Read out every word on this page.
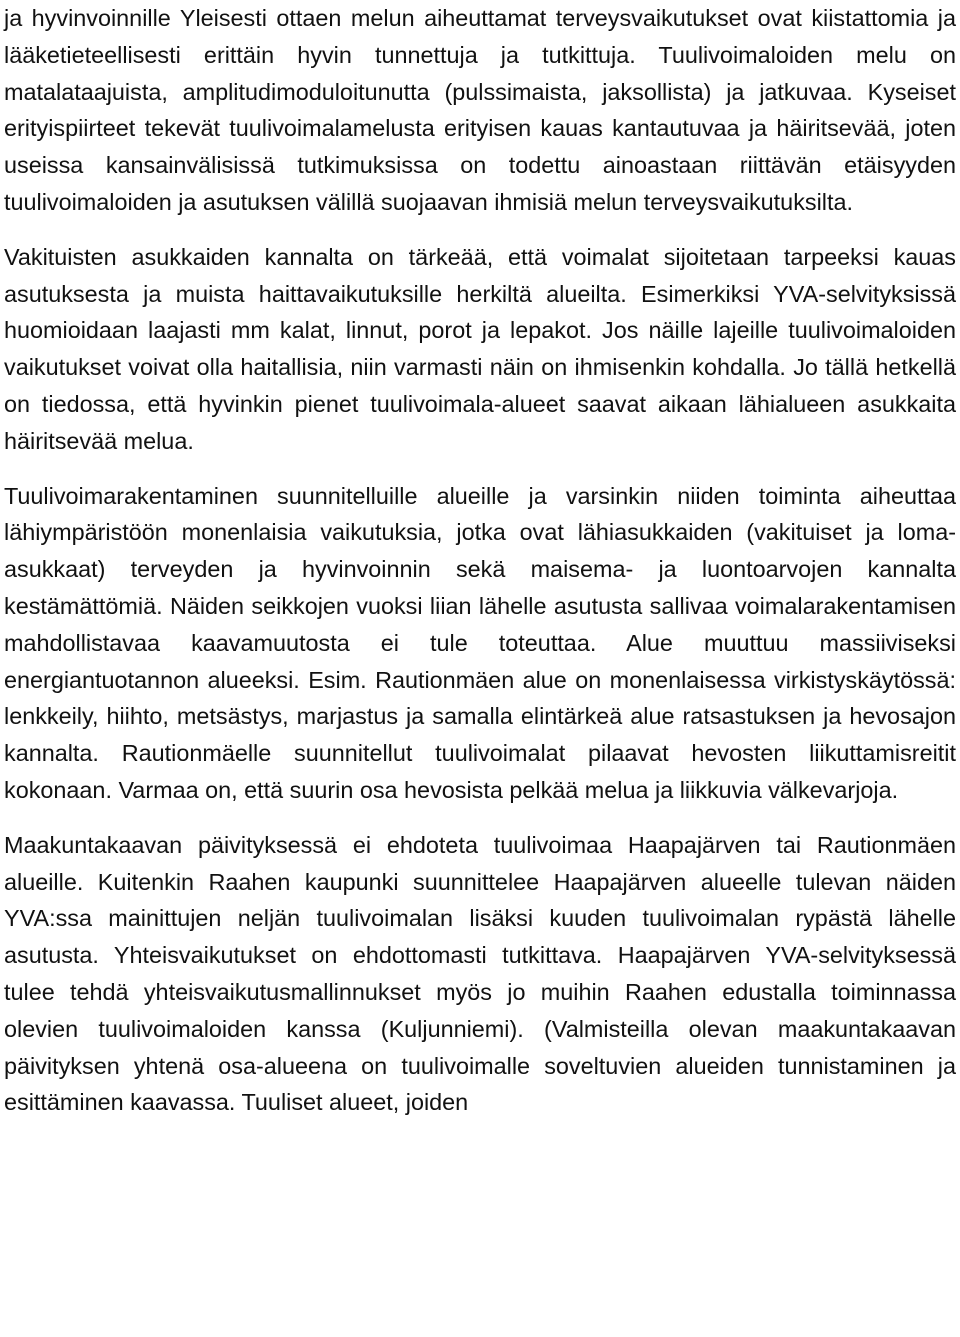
ja hyvinvoinnille Yleisesti ottaen melun aiheuttamat terveysvaikutukset ovat kiistattomia ja lääketieteellisesti erittäin hyvin tunnettuja ja tutkittuja. Tuulivoimaloiden melu on matalataajuista, amplitudimoduloitunutta (pulssimaista, jaksollista) ja jatkuvaa. Kyseiset erityispiirteet tekevät tuulivoimalamelusta erityisen kauas kantautuvaa ja häiritsevää, joten useissa kansainvälisissä tutkimuksissa on todettu ainoastaan riittävän etäisyyden tuulivoimaloiden ja asutuksen välillä suojaavan ihmisiä melun terveysvaikutuksilta.

Vakituisten asukkaiden kannalta on tärkeää, että voimalat sijoitetaan tarpeeksi kauas asutuksesta ja muista haittavaikutuksille herkiltä alueilta. Esimerkiksi YVA-selvityksissä huomioidaan laajasti mm kalat, linnut, porot ja lepakot. Jos näille lajeille tuulivoimaloiden vaikutukset voivat olla haitallisia, niin varmasti näin on ihmisenkin kohdalla. Jo tällä hetkellä on tiedossa, että hyvinkin pienet tuulivoimala-alueet saavat aikaan lähialueen asukkaita häiritsevää melua.

Tuulivoimarakentaminen suunnitelluille alueille ja varsinkin niiden toiminta aiheuttaa lähiympäristöön monenlaisia vaikutuksia, jotka ovat lähiasukkaiden (vakituiset ja loma-asukkaat) terveyden ja hyvinvoinnin sekä maisema- ja luontoarvojen kannalta kestämättömiä. Näiden seikkojen vuoksi liian lähelle asutusta sallivaa voimalarakentamisen mahdollistavaa kaavamuutosta ei tule toteuttaa. Alue muuttuu massiiviseksi energiantuotannon alueeksi. Esim. Rautionmäen alue on monenlaisessa virkistyskäytössä: lenkkeily, hiihto, metsästys, marjastus ja samalla elintärkeä alue ratsastuksen ja hevosajon kannalta. Rautionmäelle suunnitellut tuulivoimalat pilaavat hevosten liikuttamisreitit kokonaan. Varmaa on, että suurin osa hevosista pelkää melua ja liikkuvia välkevarjoja.

Maakuntakaavan päivityksessä ei ehdoteta tuulivoimaa Haapajärven tai Rautionmäen alueille. Kuitenkin Raahen kaupunki suunnittelee Haapajärven alueelle tulevan näiden YVA:ssa mainittujen neljän tuulivoimalan lisäksi kuuden tuulivoimalan rypästä lähelle asutusta. Yhteisvaikutukset on ehdottomasti tutkittava. Haapajärven YVA-selvityksessä tulee tehdä yhteisvaikutusmallinnukset myös jo muihin Raahen edustalla toiminnassa olevien tuulivoimaloiden kanssa (Kuljunniemi). (Valmisteilla olevan maakuntakaavan päivityksen yhtenä osa-alueena on tuulivoimalle soveltuvien alueiden tunnistaminen ja esittäminen kaavassa. Tuuliset alueet, joiden
